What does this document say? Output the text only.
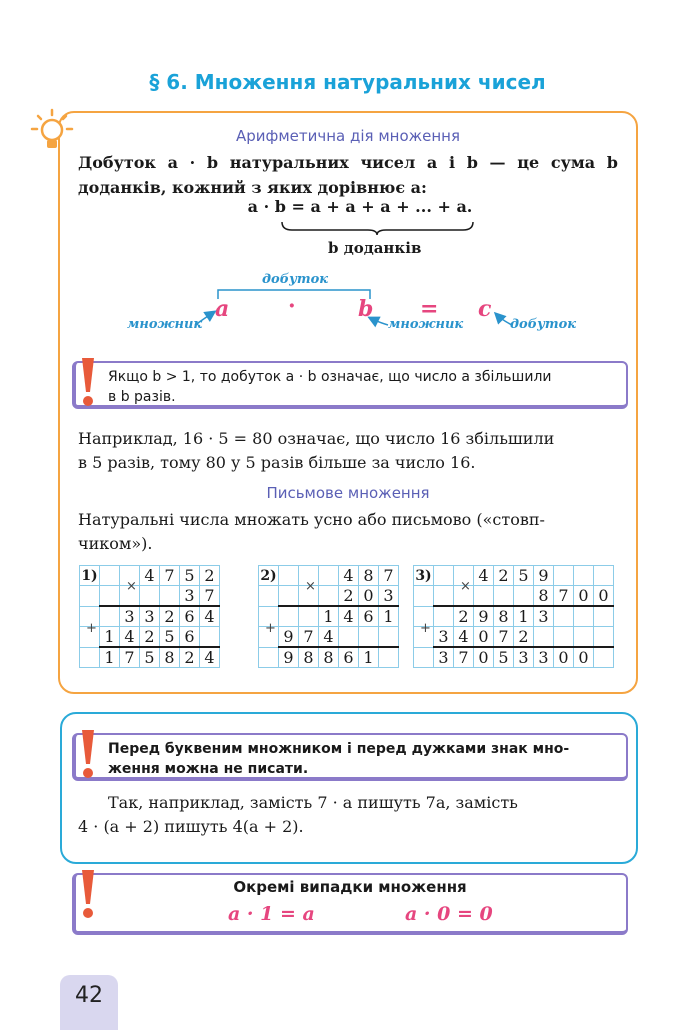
§ 6. Множення натуральних чисел
Арифметична дія множення
Добуток a · b натуральних чисел a і b — це сума b
доданків, кожний з яких дорівнює a:
a · b = a + a + a + ... + a.
b доданків
добуток
a	·	b = c
множник	множник	добуток
Якщо b > 1, то добуток a · b означає, що число a збільшили
в b разів.
Наприклад, 16 · 5 = 80 означає, що число 16 збільшили
в 5 разів, тому 80 у 5 разів більше за число 16.
Письмове множення
Натуральні числа множать усно або письмово («стовп-
чиком»).
1)			4	7	5	2
					3	7
		3	3	2	6	4
	1	4	2	5	6	
	1	7	5	8	2	4
2)				4	8	7
				2	0	3
			1	4	6	1
	9	7	4			
	9	8	8	6	1	
3)			4	2	5	9			
						8	7	0	0
		2	9	8	1	3			
	3	4	0	7	2				
	3	7	0	5	3	3	0	0	
×
+
×
+
×
+
Перед буквеним множником і перед дужками знак мно-
ження можна не писати.
Так, наприклад, замість 7 · a пишуть 7a, замість
4 · (a + 2) пишуть 4(a + 2).
Окремі випадки множення
a · 1 = a	a · 0 = 0
42
